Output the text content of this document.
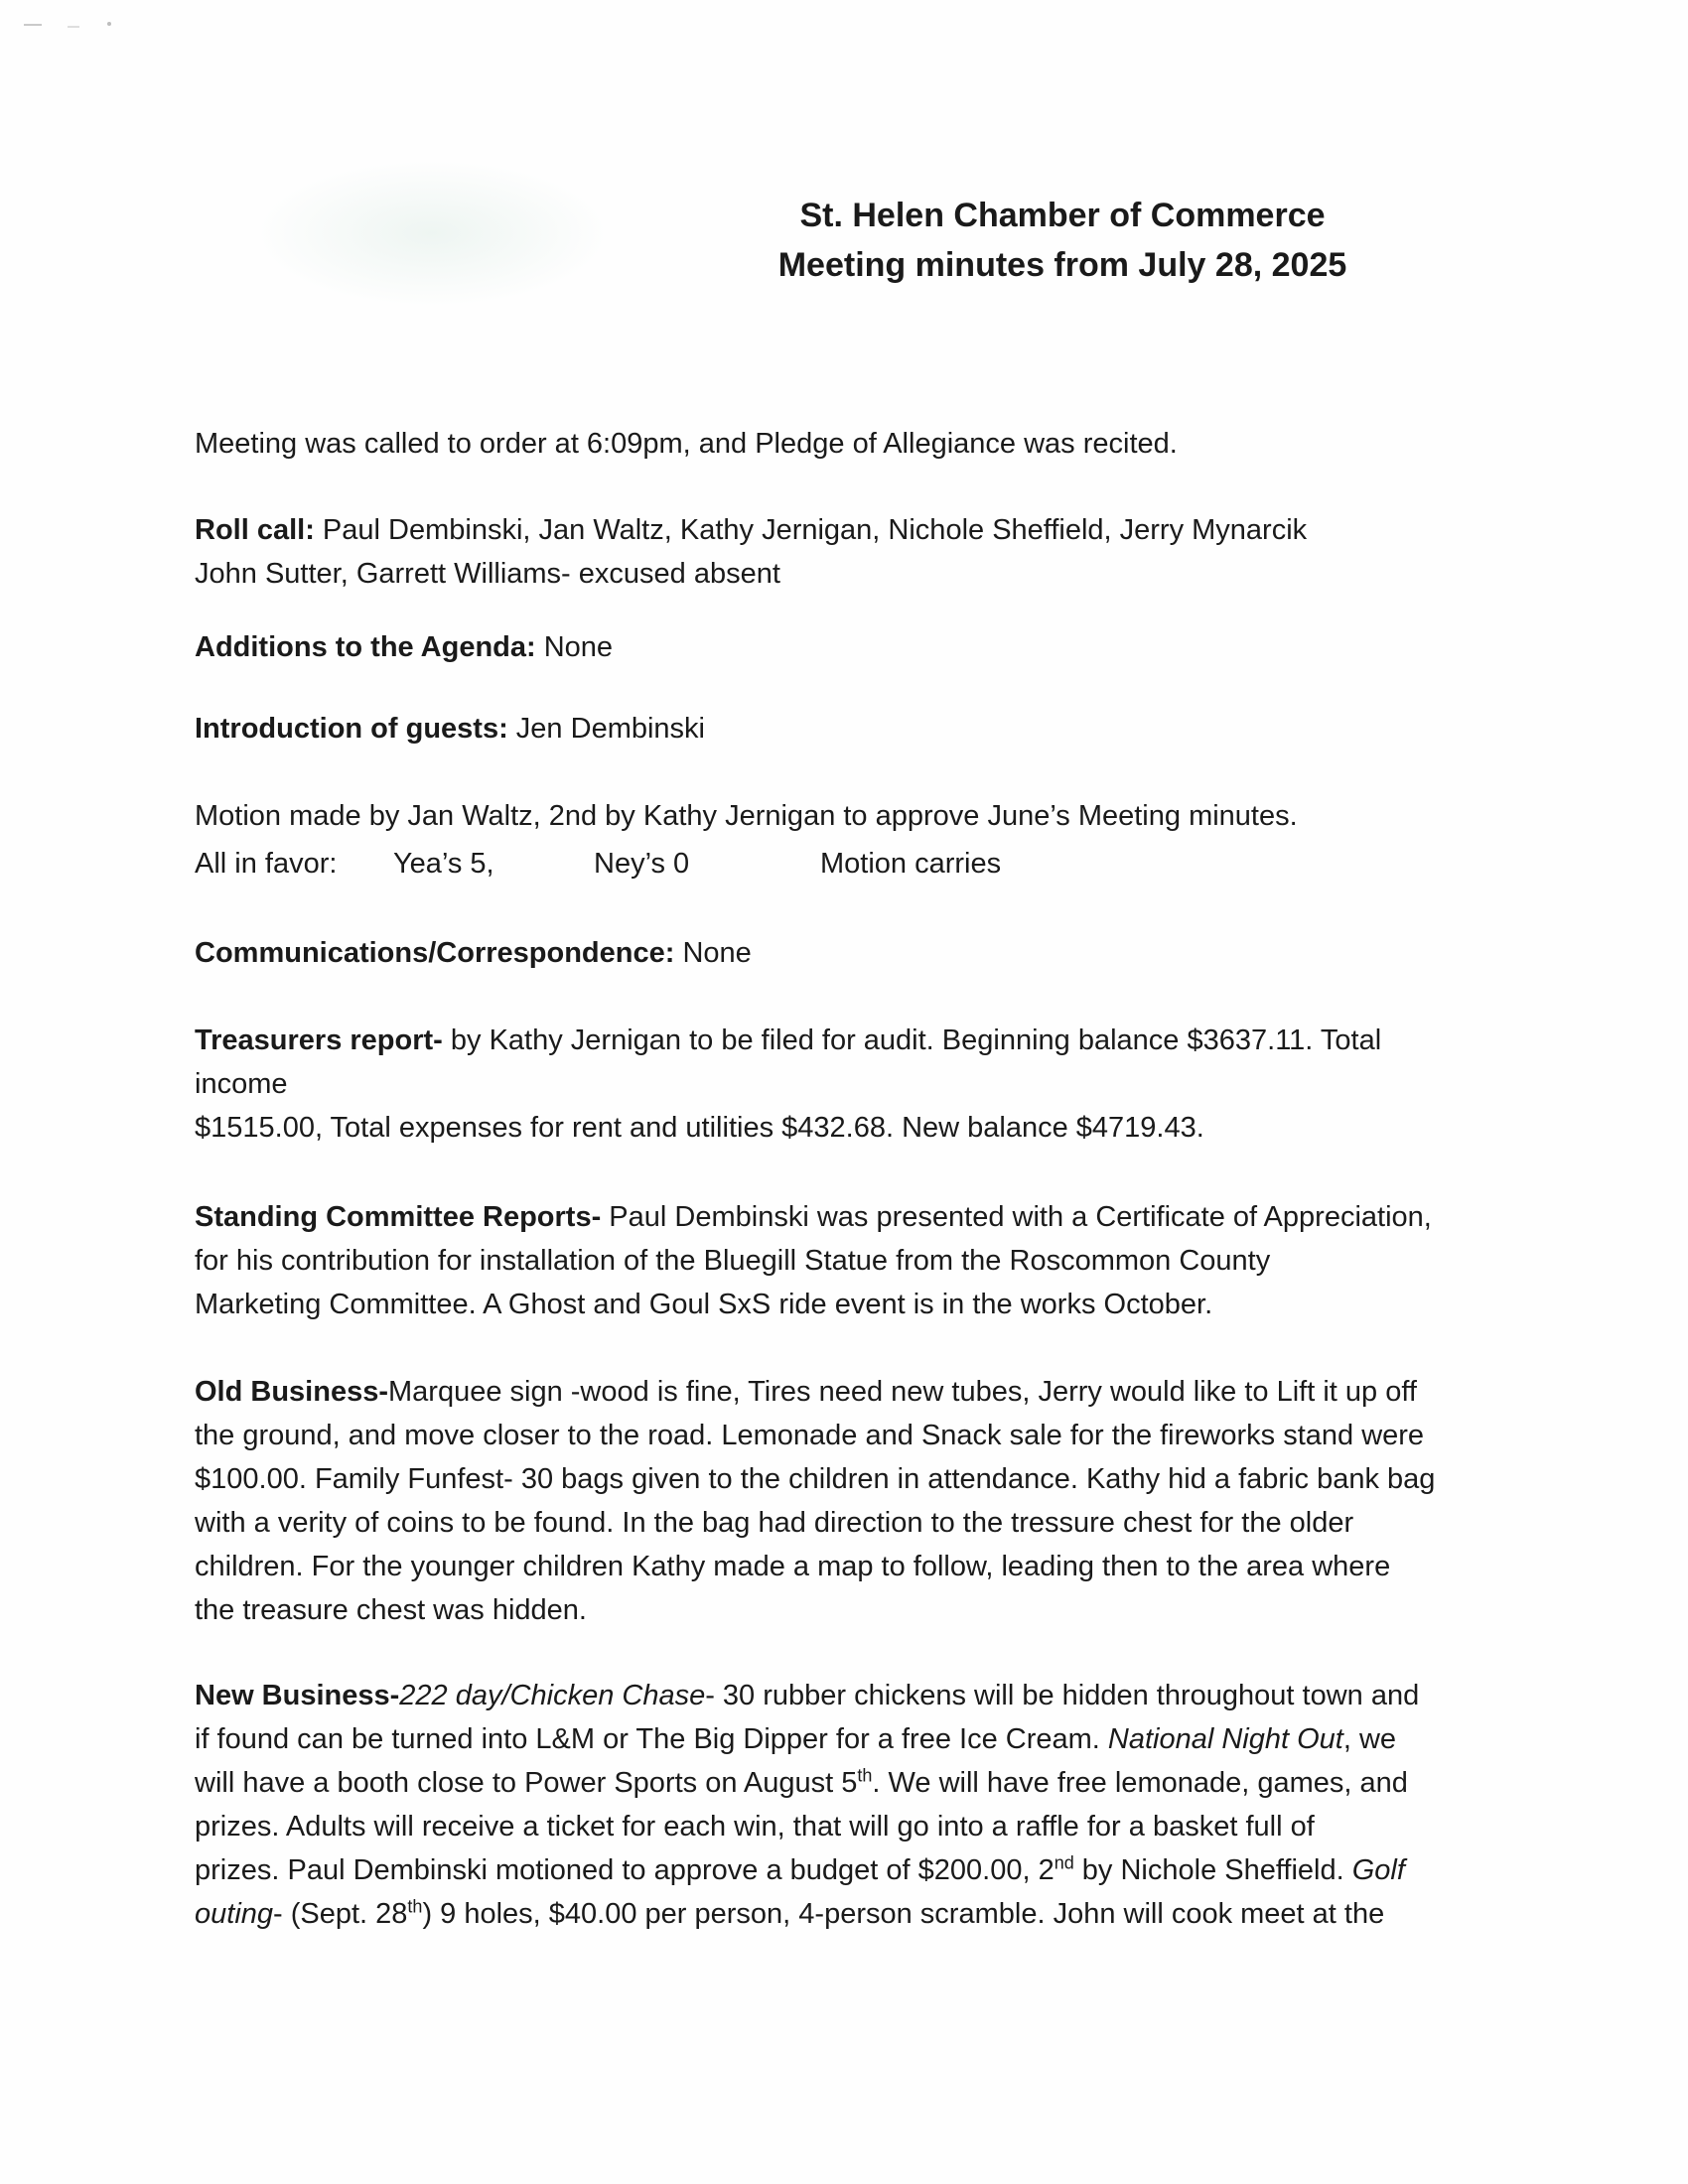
St. Helen Chamber of Commerce
Meeting minutes from July 28, 2025

Meeting was called to order at 6:09pm, and Pledge of Allegiance was recited.

Roll call: Paul Dembinski, Jan Waltz, Kathy Jernigan, Nichole Sheffield, Jerry Mynarcik
John Sutter, Garrett Williams- excused absent

Additions to the Agenda: None

Introduction of guests: Jen Dembinski

Motion made by Jan Waltz, 2nd by Kathy Jernigan to approve June’s Meeting minutes.

All in favor: Yea’s 5,	Ney’s 0	Motion carries

Communications/Correspondence: None

Treasurers report- by Kathy Jernigan to be filed for audit. Beginning balance $3637.11. Total
income
$1515.00, Total expenses for rent and utilities $432.68. New balance $4719.43.

Standing Committee Reports- Paul Dembinski was presented with a Certificate of Appreciation,
for his contribution for installation of the Bluegill Statue from the Roscommon County
Marketing Committee. A Ghost and Goul SxS ride event is in the works October.

Old Business-Marquee sign -wood is fine, Tires need new tubes, Jerry would like to Lift it up off
the ground, and move closer to the road. Lemonade and Snack sale for the fireworks stand were
$100.00. Family Funfest- 30 bags given to the children in attendance. Kathy hid a fabric bank bag
with a verity of coins to be found. In the bag had direction to the tressure chest for the older
children. For the younger children Kathy made a map to follow, leading then to the area where
the treasure chest was hidden.

New Business-222 day/Chicken Chase- 30 rubber chickens will be hidden throughout town and
if found can be turned into L&M or The Big Dipper for a free Ice Cream. National Night Out, we
will have a booth close to Power Sports on August 5th. We will have free lemonade, games, and
prizes. Adults will receive a ticket for each win, that will go into a raffle for a basket full of
prizes. Paul Dembinski motioned to approve a budget of $200.00, 2nd by Nichole Sheffield. Golf
outing- (Sept. 28th) 9 holes, $40.00 per person, 4-person scramble. John will cook meet at the
